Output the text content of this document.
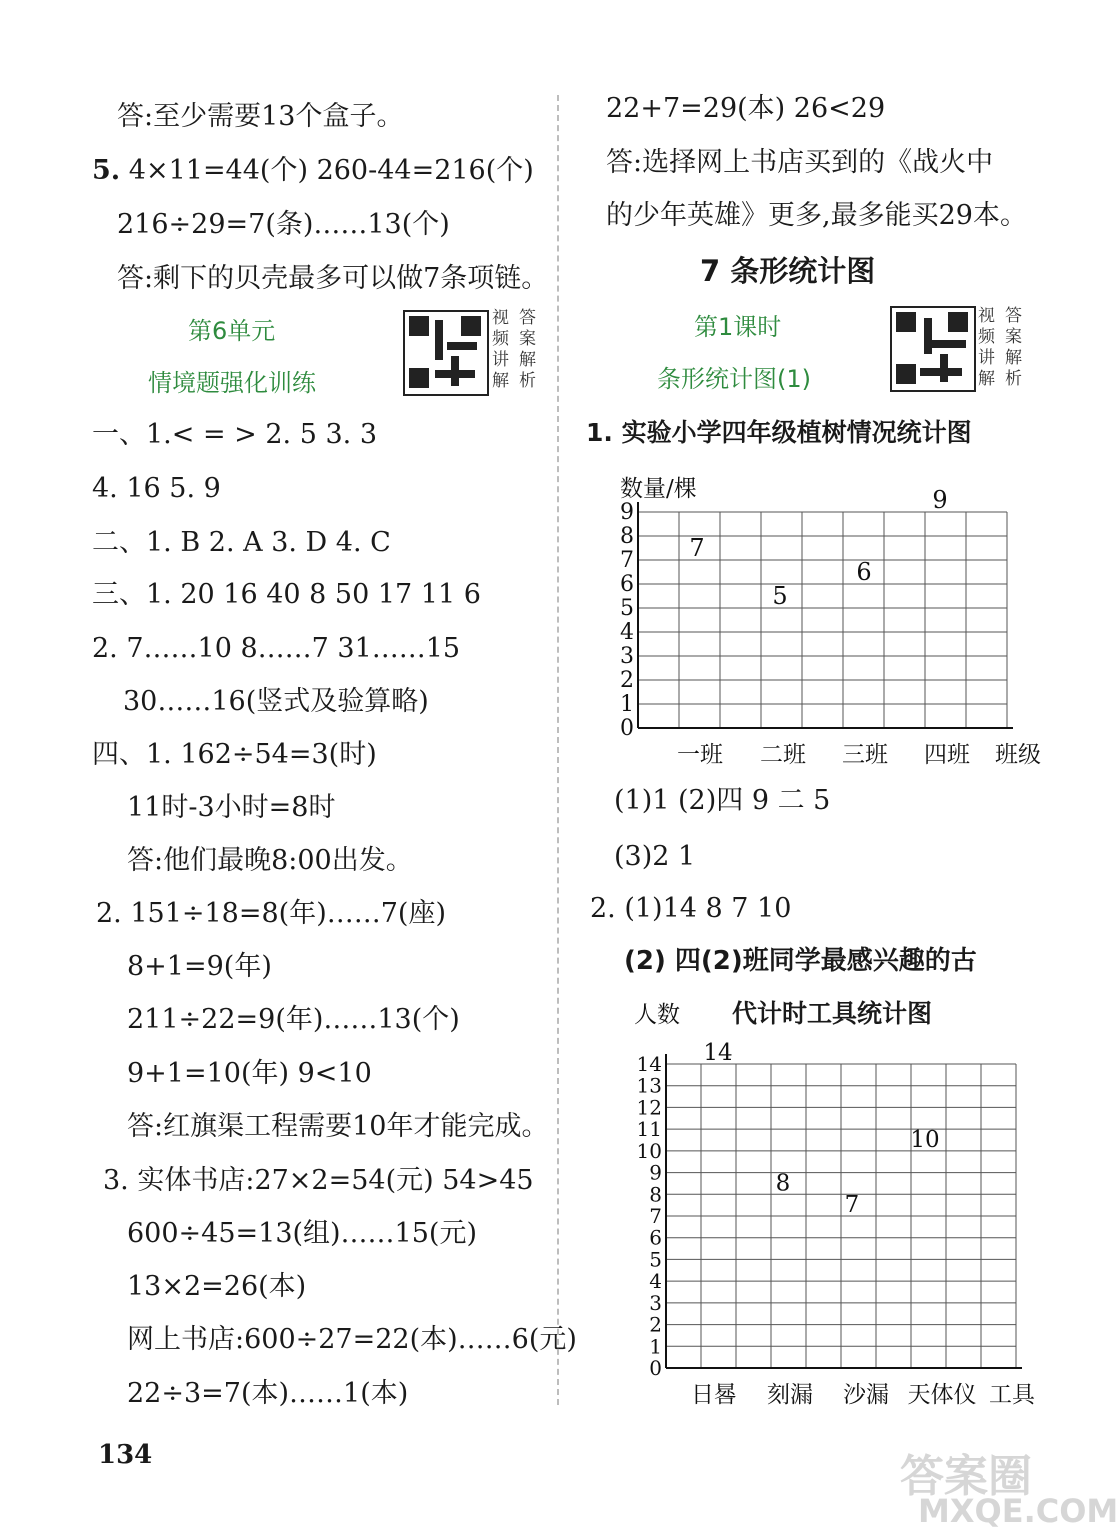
答:至少需要13个盒子。
5. 4×11=44(个) 260-44=216(个)
216÷29=7(条)……13(个)
答:剩下的贝壳最多可以做7条项链。
第6单元
情境题强化训练
视答频案讲解解析
一、1.< = > 2. 5 3. 3
4. 16 5. 9
二、1. B 2. A 3. D 4. C
三、1. 20 16 40 8 50 17 11 6
2. 7……10 8……7 31……15
30……16(竖式及验算略)
四、1. 162÷54=3(时)
11时-3小时=8时
答:他们最晚8:00出发。
2. 151÷18=8(年)……7(座)
8+1=9(年)
211÷22=9(年)……13(个)
9+1=10(年) 9<10
答:红旗渠工程需要10年才能完成。
3. 实体书店:27×2=54(元) 54>45
600÷45=13(组)……15(元)
13×2=26(本)
网上书店:600÷27=22(本)……6(元)
22÷3=7(本)……1(本)
134
22+7=29(本) 26<29
答:选择网上书店买到的《战火中
的少年英雄》更多,最多能买29本。
7 条形统计图
第1课时
条形统计图(1)
视答频案讲解解析
1. 实验小学四年级植树情况统计图
0
1
2
3
4
5
6
7
8
9
数量/棵
一班
7
二班
5
三班
6
四班
9
班级
(1)1 (2)四 9 二 5
(3)2 1
2. (1)14 8 7 10
(2) 四(2)班同学最感兴趣的古
代计时工具统计图
0
1
2
3
4
5
6
7
8
9
10
11
12
13
14
人数
日晷
14
刻漏
8
沙漏
7
天体仪
10
工具
答案圈
MXQE.COM
